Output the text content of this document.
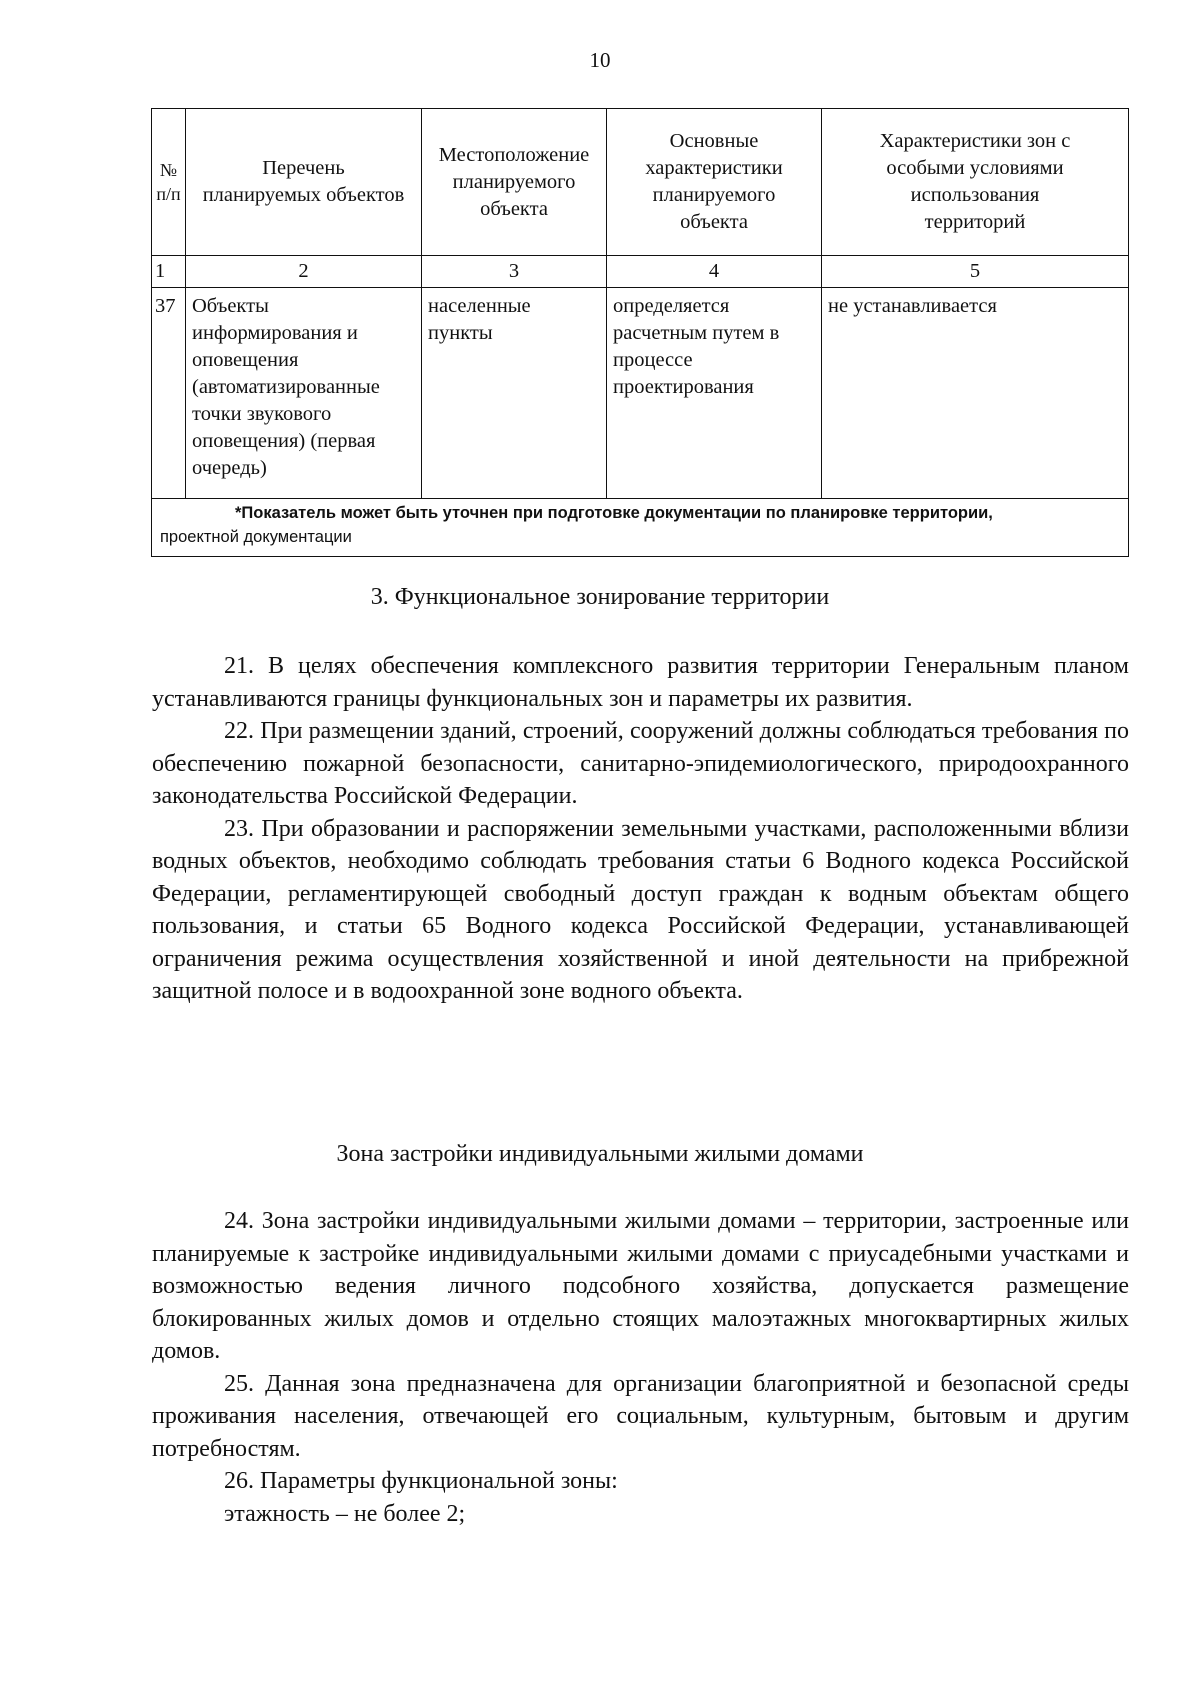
10
№ п/п	Перечень планируемых объектов	Местоположение планируемого объекта	Основные характеристики планируемого объекта	Характеристики зон с особыми условиями использования территорий
1	2	3	4	5
37	Объекты информирования и оповещения (автоматизированные точки звукового оповещения) (первая очередь)	населенные пункты	определяется расчетным путем в процессе проектирования	не устанавливается

*Показатель может быть уточнен при подготовке документации по планировке территории,
проектной документации				
3. Функциональное зонирование территории

21. В целях обеспечения комплексного развития территории Генеральным планом устанавливаются границы функциональных зон и параметры их развития.

22. При размещении зданий, строений, сооружений должны соблюдаться требования по обеспечению пожарной безопасности, санитарно-эпидемиологического, природоохранного законодательства Российской Федерации.

23. При образовании и распоряжении земельными участками, расположенными вблизи водных объектов, необходимо соблюдать требования статьи 6 Водного кодекса Российской Федерации, регламентирующей свободный доступ граждан к водным объектам общего пользования, и статьи 65 Водного кодекса Российской Федерации, устанавливающей ограничения режима осуществления хозяйственной и иной деятельности на прибрежной защитной полосе и в водоохранной зоне водного объекта.

Зона застройки индивидуальными жилыми домами

24. Зона застройки индивидуальными жилыми домами – территории, застроенные или планируемые к застройке индивидуальными жилыми домами с приусадебными участками и возможностью ведения личного подсобного хозяйства, допускается размещение блокированных жилых домов и отдельно стоящих малоэтажных многоквартирных жилых домов.

25. Данная зона предназначена для организации благоприятной и безопасной среды проживания населения, отвечающей его социальным, культурным, бытовым и другим потребностям.

26. Параметры функциональной зоны:

этажность – не более 2;
